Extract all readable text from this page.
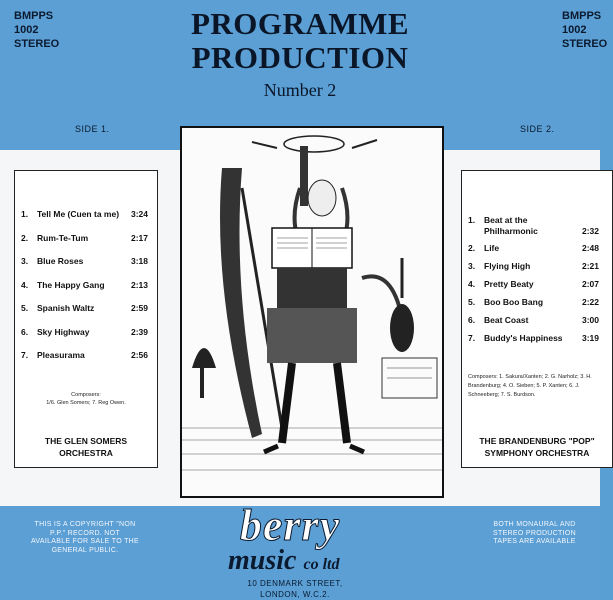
BMPPS
1002
STEREO
BMPPS
1002
STEREO
PROGRAMME
PRODUCTION
Number 2
SIDE 1.	SIDE 2.
1. Tell Me (Cuen ta me)	3:24
2. Rum-Te-Tum	2:17
3. Blue Roses	3:18
4. The Happy Gang	2:13
5. Spanish Waltz	2:59
6. Sky Highway	2:39
7. Pleasurama	2:56
Composers:
1/6. Glen Somers; 7. Reg Owen.
THE GLEN SOMERS
ORCHESTRA
1. Beat at the Philharmonic	2:32
2. Life	2:48
3. Flying High	2:21
4. Pretty Beaty	2:07
5. Boo Boo Bang	2:22
6. Beat Coast	3:00
7. Buddy's Happiness	3:19
Composers: 1. Sakura/Xanten; 2. G. Narholz; 3. H. Brandenburg; 4. O. Sieben; 5. P. Xanten; 6. J. Schneeberg; 7. S. Burdson.
THE BRANDENBURG "POP"
SYMPHONY ORCHESTRA
THIS IS A COPYRIGHT "NON P.P." RECORD. NOT AVAILABLE FOR SALE TO THE GENERAL PUBLIC.
BOTH MONAURAL AND STEREO PRODUCTION TAPES ARE AVAILABLE
berry
music co ltd
10 DENMARK STREET,
LONDON, W.C.2.
